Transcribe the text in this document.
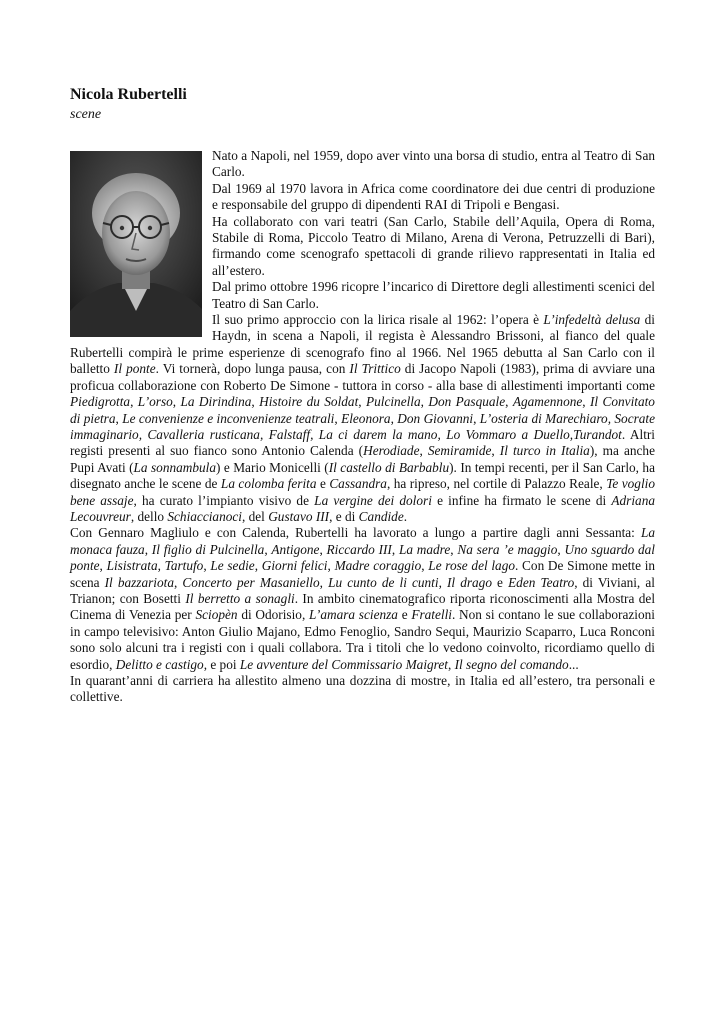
Nicola Rubertelli

scene

Nato a Napoli, nel 1959, dopo aver vinto una borsa di studio, entra al Teatro di San Carlo.

Dal 1969 al 1970 lavora in Africa come coordinatore dei due centri di produzione e responsabile del gruppo di dipendenti RAI di Tripoli e Bengasi.

Ha collaborato con vari teatri (San Carlo, Stabile dell’Aquila, Opera di Roma, Stabile di Roma, Piccolo Teatro di Milano, Arena di Verona, Petruzzelli di Bari), firmando come scenografo spettacoli di grande rilievo rappresentati in Italia ed all’estero.

Dal primo ottobre 1996 ricopre l’incarico di Direttore degli allestimenti scenici del Teatro di San Carlo.

Il suo primo approccio con la lirica risale al 1962: l’opera è L’infedeltà delusa di Haydn, in scena a Napoli, il regista è Alessandro Brissoni, al fianco del quale Rubertelli compirà le prime esperienze di scenografo fino al 1966. Nel 1965 debutta al San Carlo con il balletto Il ponte. Vi tornerà, dopo lunga pausa, con Il Trittico di Jacopo Napoli (1983), prima di avviare una proficua collaborazione con Roberto De Simone - tuttora in corso - alla base di allestimenti importanti come Piedigrotta, L’orso, La Dirindina, Histoire du Soldat, Pulcinella, Don Pasquale, Agamennone, Il Convitato di pietra, Le convenienze e inconvenienze teatrali, Eleonora, Don Giovanni, L’osteria di Marechiaro, Socrate immaginario, Cavalleria rusticana, Falstaff, La ci darem la mano, Lo Vommaro a Duello,Turandot. Altri registi presenti al suo fianco sono Antonio Calenda (Herodiade, Semiramide, Il turco in Italia), ma anche Pupi Avati (La sonnambula) e Mario Monicelli (Il castello di Barbablu). In tempi recenti, per il San Carlo, ha disegnato anche le scene de La colomba ferita e Cassandra, ha ripreso, nel cortile di Palazzo Reale, Te voglio bene assaje, ha curato l’impianto visivo de La vergine dei dolori e infine ha firmato le scene di Adriana Lecouvreur, dello Schiaccianoci, del Gustavo III, e di Candide.

Con Gennaro Magliulo e con Calenda, Rubertelli ha lavorato a lungo a partire dagli anni Sessanta: La monaca fauza, Il figlio di Pulcinella, Antigone, Riccardo III, La madre, Na sera ’e maggio, Uno sguardo dal ponte, Lisistrata, Tartufo, Le sedie, Giorni felici, Madre coraggio, Le rose del lago. Con De Simone mette in scena Il bazzariota, Concerto per Masaniello, Lu cunto de li cunti, Il drago e Eden Teatro, di Viviani, al Trianon; con Bosetti Il berretto a sonagli. In ambito cinematografico riporta riconoscimenti alla Mostra del Cinema di Venezia per Sciopèn di Odorisio, L’amara scienza e Fratelli. Non si contano le sue collaborazioni in campo televisivo: Anton Giulio Majano, Edmo Fenoglio, Sandro Sequi, Maurizio Scaparro, Luca Ronconi sono solo alcuni tra i registi con i quali collabora. Tra i titoli che lo vedono coinvolto, ricordiamo quello di esordio, Delitto e castigo, e poi Le avventure del Commissario Maigret, Il segno del comando...

In quarant’anni di carriera ha allestito almeno una dozzina di mostre, in Italia ed all’estero, tra personali e collettive.
